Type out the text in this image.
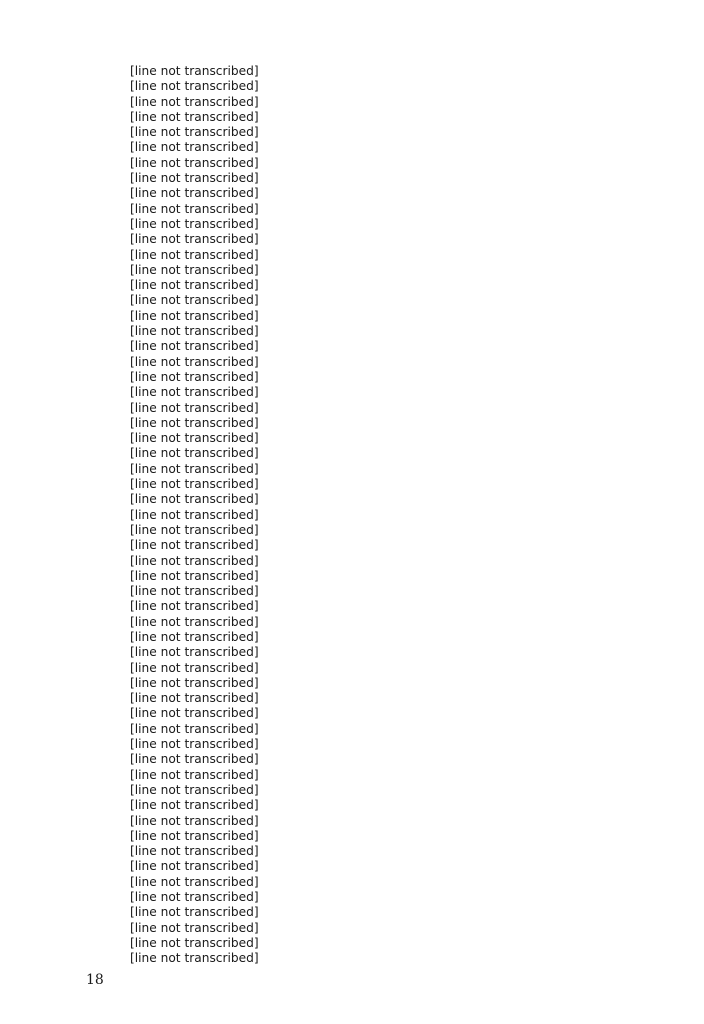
[line not transcribed]
[line not transcribed]
[line not transcribed]
[line not transcribed]
[line not transcribed]
[line not transcribed]
[line not transcribed]
[line not transcribed]
[line not transcribed]
[line not transcribed]
[line not transcribed]
[line not transcribed]
[line not transcribed]
[line not transcribed]
[line not transcribed]
[line not transcribed]
[line not transcribed]
[line not transcribed]
[line not transcribed]
[line not transcribed]
[line not transcribed]
[line not transcribed]
[line not transcribed]
[line not transcribed]
[line not transcribed]
[line not transcribed]
[line not transcribed]
[line not transcribed]
[line not transcribed]
[line not transcribed]
[line not transcribed]
[line not transcribed]
[line not transcribed]
[line not transcribed]
[line not transcribed]
[line not transcribed]
[line not transcribed]
[line not transcribed]
[line not transcribed]
[line not transcribed]
[line not transcribed]
[line not transcribed]
[line not transcribed]
[line not transcribed]
[line not transcribed]
[line not transcribed]
[line not transcribed]
[line not transcribed]
[line not transcribed]
[line not transcribed]
[line not transcribed]
[line not transcribed]
[line not transcribed]
[line not transcribed]
[line not transcribed]
[line not transcribed]
[line not transcribed]
[line not transcribed]
[line not transcribed]
18
